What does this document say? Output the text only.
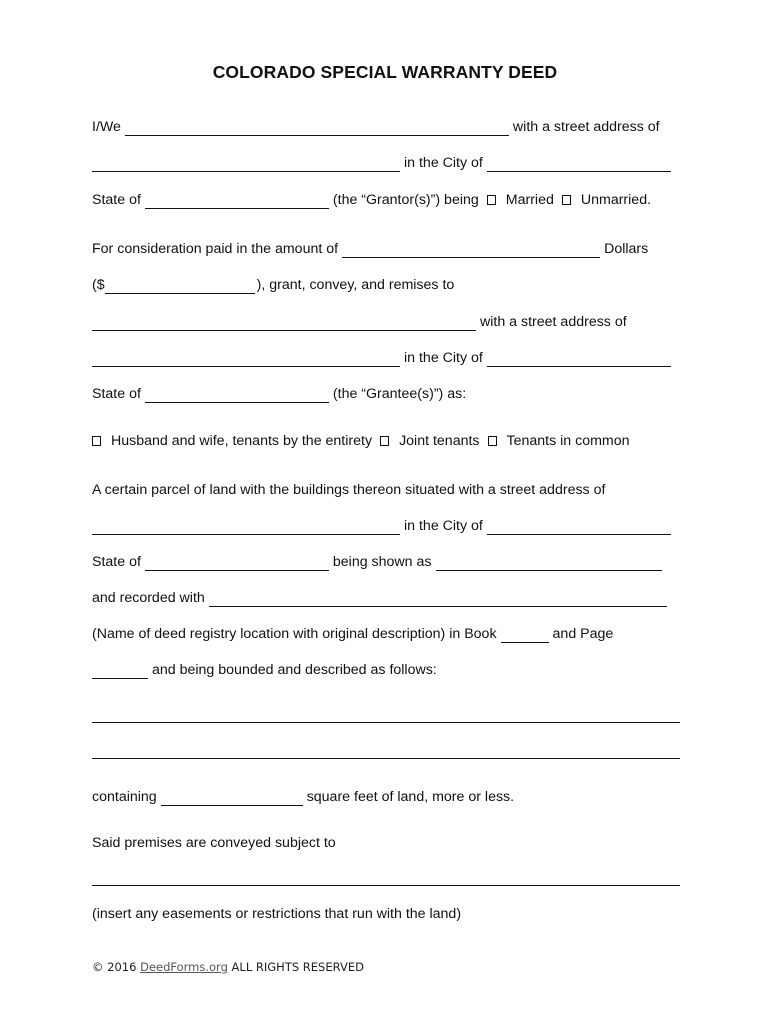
COLORADO SPECIAL WARRANTY DEED
I/We	with a street address of
in the City of
State of	(the “Grantor(s)”) being Married Unmarried.
For consideration paid in the amount of	Dollars
($	), grant, convey, and remises to
with a street address of
in the City of
State of	(the “Grantee(s)”) as:
Husband and wife, tenants by the entirety Joint tenants Tenants in common
A certain parcel of land with the buildings thereon situated with a street address of
in the City of
State of	being shown as
and recorded with
(Name of deed registry location with original description) in Book	and Page
and being bounded and described as follows:
containing	square feet of land, more or less.
Said premises are conveyed subject to
(insert any easements or restrictions that run with the land)
© 2016 DeedForms.org ALL RIGHTS RESERVED
